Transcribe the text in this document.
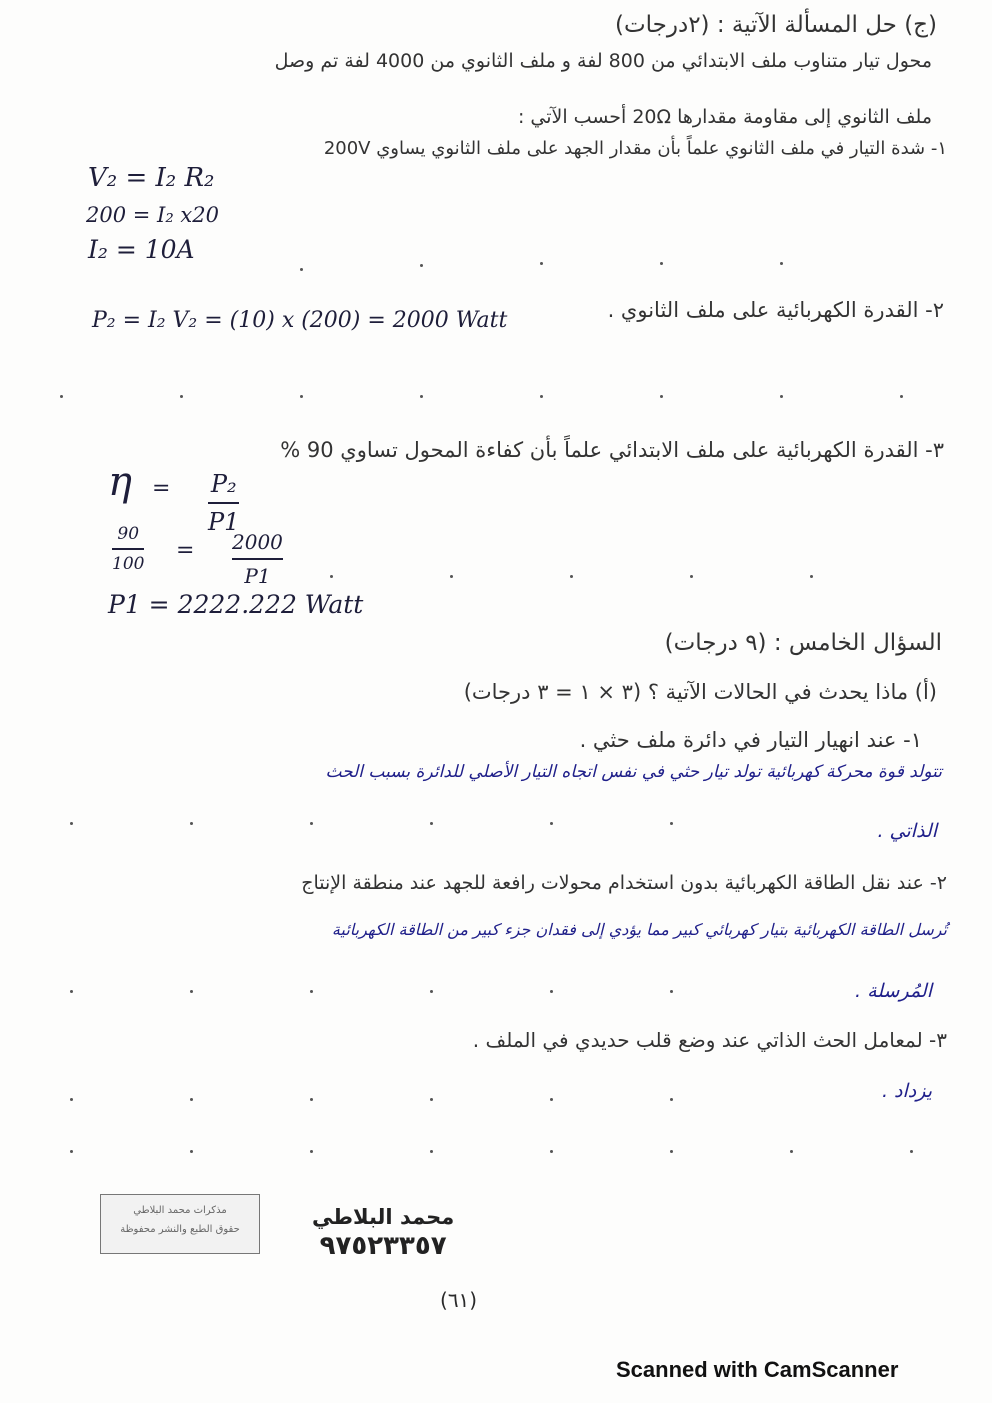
(ج) حل المسألة الآتية : (٢درجات)
محول تيار متناوب ملف الابتدائي من 800 لفة و ملف الثانوي من 4000 لفة تم وصل
ملف الثانوي إلى مقاومة مقدارها 20Ω أحسب الآتي :
١- شدة التيار في ملف الثانوي علماً بأن مقدار الجهد على ملف الثانوي يساوي 200V
V₂ = I₂ R₂
200 = I₂ x20
I₂ = 10A
٢- القدرة الكهربائية على ملف الثانوي .
P₂ = I₂ V₂ = (10) x (200) = 2000 Watt
٣- القدرة الكهربائية على ملف الابتدائي علماً بأن كفاءة المحول تساوي 90 %
η = P₂
P1
90
100
= 2000
P1
P1 = 2222.222 Watt
السؤال الخامس : (٩ درجات)
(أ) ماذا يحدث في الحالات الآتية ؟ (٣ × ١ = ٣ درجات)
١- عند انهيار التيار في دائرة ملف حثي .
تتولد قوة محركة كهربائية تولد تيار حثي في نفس اتجاه التيار الأصلي للدائرة بسبب الحث
الذاتي .
٢- عند نقل الطاقة الكهربائية بدون استخدام محولات رافعة للجهد عند منطقة الإنتاج
تُرسل الطاقة الكهربائية بتيار كهربائي كبير مما يؤدي إلى فقدان جزء كبير من الطاقة الكهربائية
المُرسلة .
٣- لمعامل الحث الذاتي عند وضع قلب حديدي في الملف .
يزداد .
مذكرات محمد البلاطي
حقوق الطبع والنشر محفوظة
محمد البلاطي
٩٧٥٢٣٣٥٧
(٦١)
Scanned with CamScanner
